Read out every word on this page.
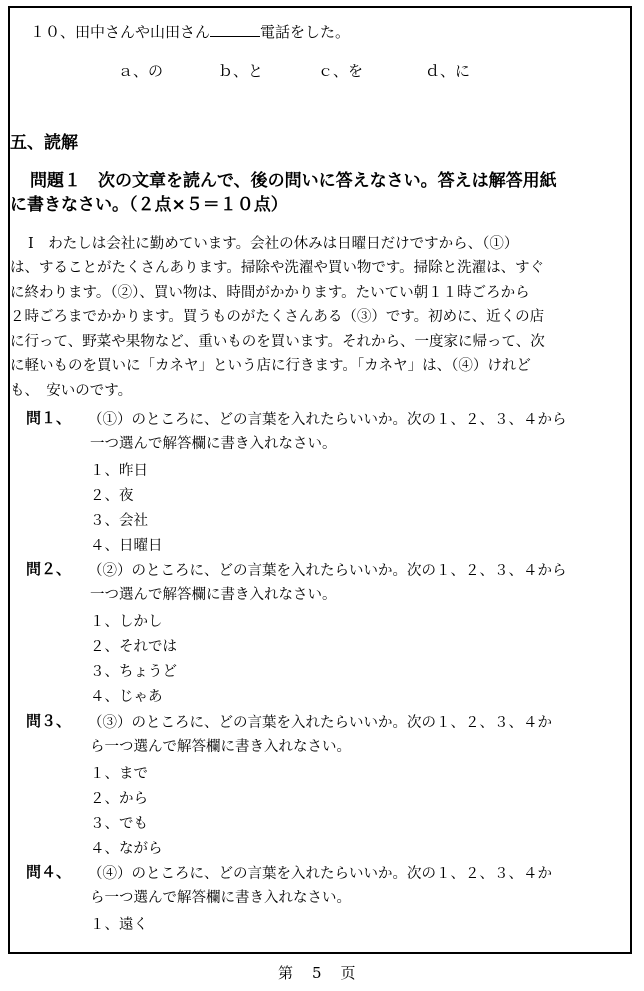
１０、田中さんや山田さん	電話をした。
ａ、の	ｂ、と	ｃ、を	ｄ、に
五、読解
問題１　次の文章を読んで、後の問いに答えなさい。答えは解答用紙
に書きなさい。（２点×５＝１０点）
Ⅰ　わたしは会社に勤めています。会社の休みは日曜日だけですから、（①）
は、することがたくさんあります。掃除や洗濯や買い物です。掃除と洗濯は、すぐ
に終わります。（②）、買い物は、時間がかかります。たいてい朝１１時ごろから
２時ごろまでかかります。買うものがたくさんある（③）です。初めに、近くの店
に行って、野菜や果物など、重いものを買います。それから、一度家に帰って、次
に軽いものを買いに「カネヤ」という店に行きます。「カネヤ」は、（④）けれど
も、　安いのです。
問１、 （①）のところに、どの言葉を入れたらいいか。次の１、２、３、４から
一つ選んで解答欄に書き入れなさい。
１、昨日
２、夜
３、会社
４、日曜日
問２、 （②）のところに、どの言葉を入れたらいいか。次の１、２、３、４から
一つ選んで解答欄に書き入れなさい。
１、しかし
２、それでは
３、ちょうど
４、じゃあ
問３、 （③）のところに、どの言葉を入れたらいいか。次の１、２、３、４か
ら一つ選んで解答欄に書き入れなさい。
１、まで
２、から
３、でも
４、ながら
問４、 （④）のところに、どの言葉を入れたらいいか。次の１、２、３、４か
ら一つ選んで解答欄に書き入れなさい。
１、遠く
第　5　页
